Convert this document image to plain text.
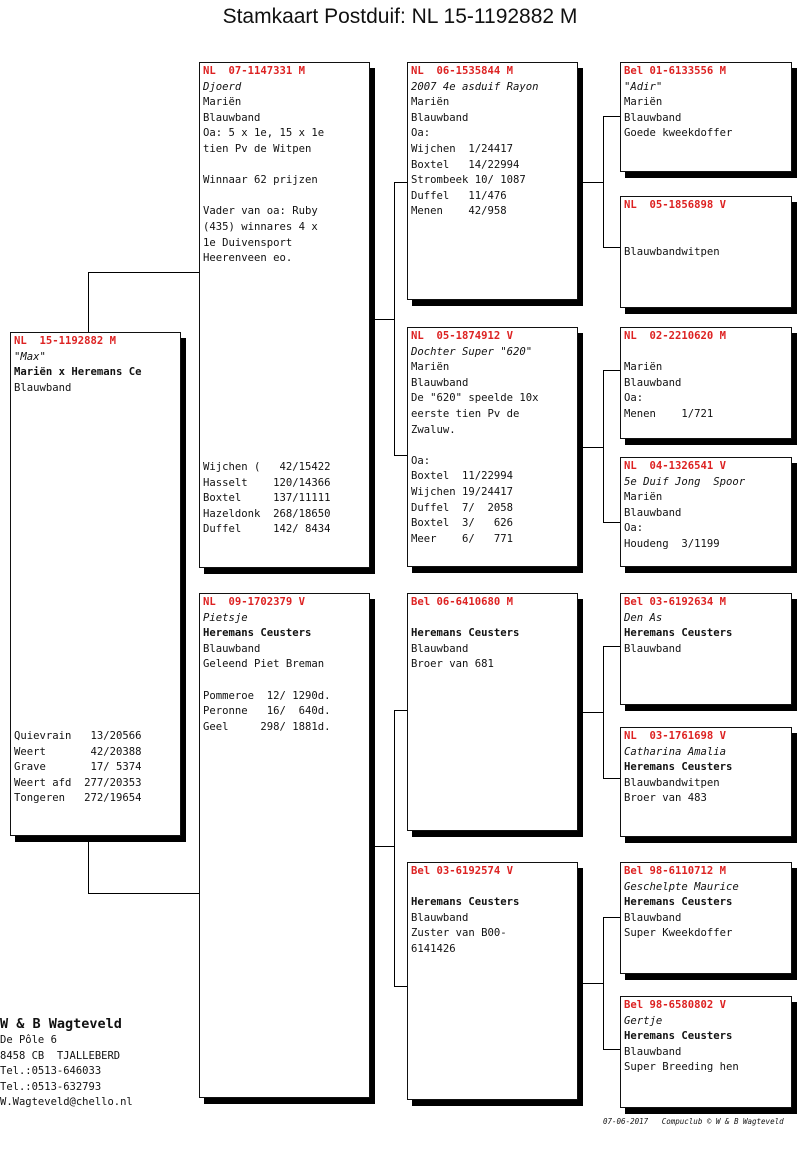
Stamkaart Postduif: NL 15-1192882 M
NL  15-1192882 M
"Max"
Mariën x Heremans Ce
Blauwband
Quievrain   13/20566
Weert       42/20388
Grave       17/ 5374
Weert afd  277/20353
Tongeren   272/19654
NL  07-1147331 M
Djoerd
Mariën
Blauwband
Oa: 5 x 1e, 15 x 1e
tien Pv de Witpen

Winnaar 62 prijzen

Vader van oa: Ruby
(435) winnares 4 x
1e Duivensport
Heerenveen eo.
Wijchen (   42/15422
Hasselt    120/14366
Boxtel     137/11111
Hazeldonk  268/18650
Duffel     142/ 8434
NL  09-1702379 V
Pietsje
Heremans Ceusters
Blauwband
Geleend Piet Breman

Pommeroe  12/ 1290d.
Peronne   16/  640d.
Geel     298/ 1881d.
NL  06-1535844 M
2007 4e asduif Rayon
Mariën
Blauwband
Oa:
Wijchen  1/24417
Boxtel   14/22994
Strombeek 10/ 1087
Duffel   11/476
Menen    42/958
NL  05-1874912 V
Dochter Super "620"
Mariën
Blauwband
De "620" speelde 10x
eerste tien Pv de
Zwaluw.

Oa:
Boxtel  11/22994
Wijchen 19/24417
Duffel  7/  2058
Boxtel  3/   626
Meer    6/   771
Bel 06-6410680 M

Heremans Ceusters
Blauwband
Broer van 681
Bel 03-6192574 V

Heremans Ceusters
Blauwband
Zuster van B00-
6141426
Bel 01-6133556 M
"Adir"
Mariën
Blauwband
Goede kweekdoffer
NL  05-1856898 V

Blauwbandwitpen
NL  02-2210620 M

Mariën
Blauwband
Oa:
Menen    1/721
NL  04-1326541 V
5e Duif Jong  Spoor
Mariën
Blauwband
Oa:
Houdeng  3/1199
Bel 03-6192634 M
Den As
Heremans Ceusters
Blauwband
NL  03-1761698 V
Catharina Amalia
Heremans Ceusters
Blauwbandwitpen
Broer van 483
Bel 98-6110712 M
Geschelpte Maurice
Heremans Ceusters
Blauwband
Super Kweekdoffer
Bel 98-6580802 V
Gertje
Heremans Ceusters
Blauwband
Super Breeding hen
W & B Wagteveld
De Pôle 6
8458 CB  TJALLEBERD
Tel.:0513-646033
Tel.:0513-632793
W.Wagteveld@chello.nl
07-06-2017   Compuclub © W & B Wagteveld
